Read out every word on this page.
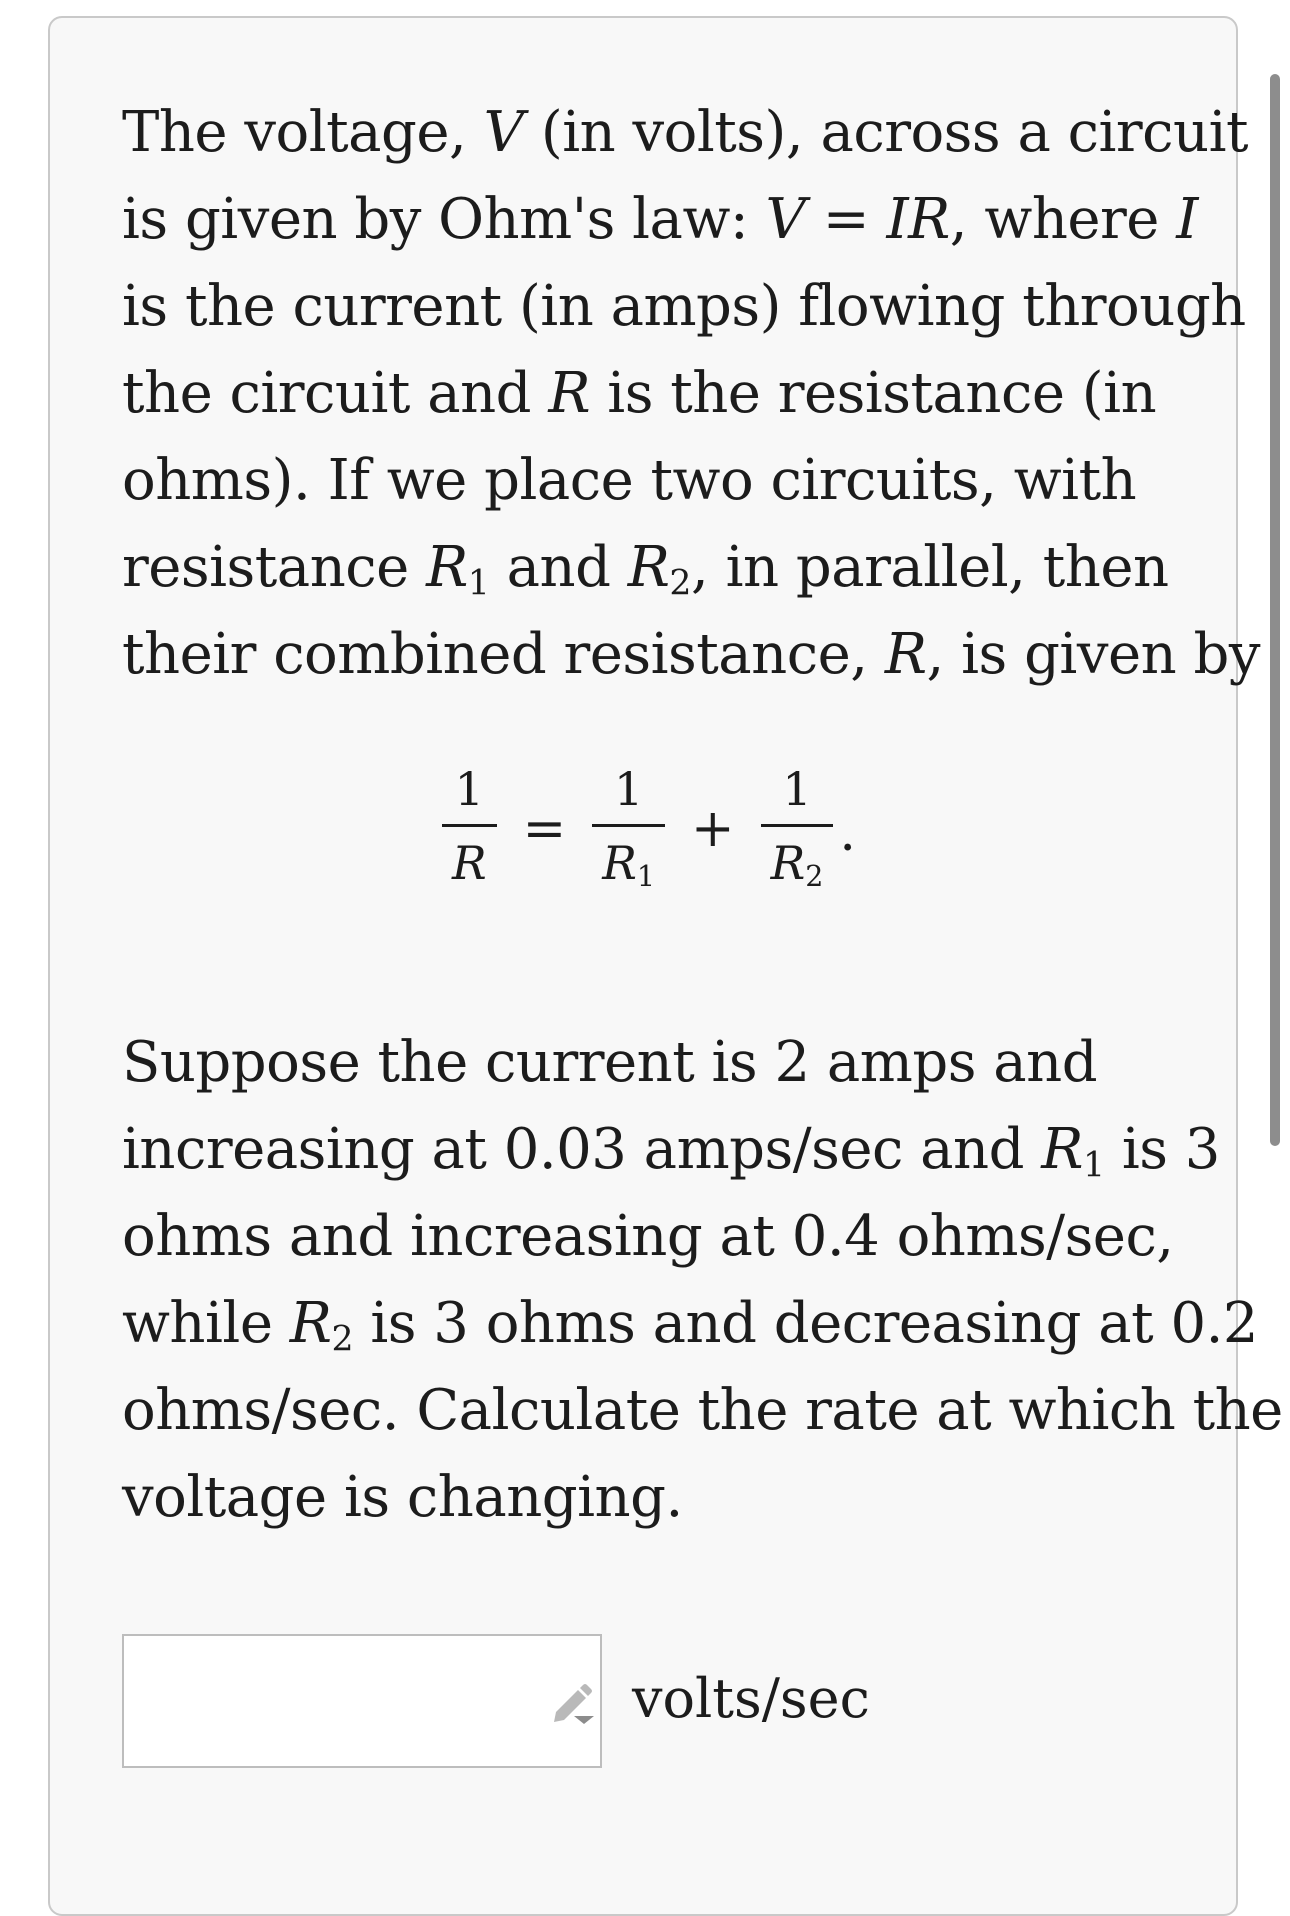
The voltage, V (in volts), across a circuit
is given by Ohm's law: V = IR, where I
is the current (in amps) flowing through
the circuit and R is the resistance (in
ohms). If we place two circuits, with
resistance $R_1$ and $R_2$, in parallel, then
their combined resistance, R, is given by
$\frac{1}{R} = \frac{1}{R_1} + \frac{1}{R_2}$ .
Suppose the current is 2 amps and
increasing at 0.03 amps/sec and $R_1$ is 3
ohms and increasing at 0.4 ohms/sec,
while $R_2$ is 3 ohms and decreasing at 0.2
ohms/sec. Calculate the rate at which the
voltage is changing.
volts/sec
